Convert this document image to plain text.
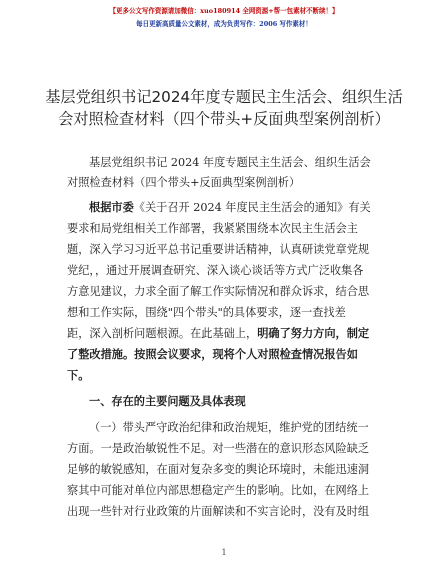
【更多公文写作资源请加微信：xuo180914 全网资源+帮一包素材不断续！】
每日更新高质量公文素材，成为负责写作：2006 写作素材！
基层党组织书记2024年度专题民主生活会、组织生活会对照检查材料（四个带头+反面典型案例剖析）
基层党组织书记 2024 年度专题民主生活会、组织生活会
对照检查材料（四个带头+反面典型案例剖析）
根据市委《关于召开 2024 年度民主生活会的通知》有关
要求和局党组相关工作部署，我紧紧围绕本次民主生活会主
题，深入学习习近平总书记重要讲话精神，认真研读党章党规
党纪，，通过开展调查研究、深入谈心谈话等方式广泛收集各
方意见建议，力求全面了解工作实际情况和群众诉求，结合思
想和工作实际，围绕"四个带头"的具体要求，逐一查找差
距，深入剖析问题根源。在此基础上，明确了努力方向，制定
了整改措施。按照会议要求，现将个人对照检查情况报告如
下。
一、存在的主要问题及具体表现
（一）带头严守政治纪律和政治规矩，维护党的团结统一
方面。一是政治敏锐性不足。对一些潜在的意识形态风险缺乏
足够的敏锐感知，在面对复杂多变的舆论环境时，未能迅速洞
察其中可能对单位内部思想稳定产生的影响。比如，在网络上
出现一些针对行业政策的片面解读和不实言论时，没有及时组
1
